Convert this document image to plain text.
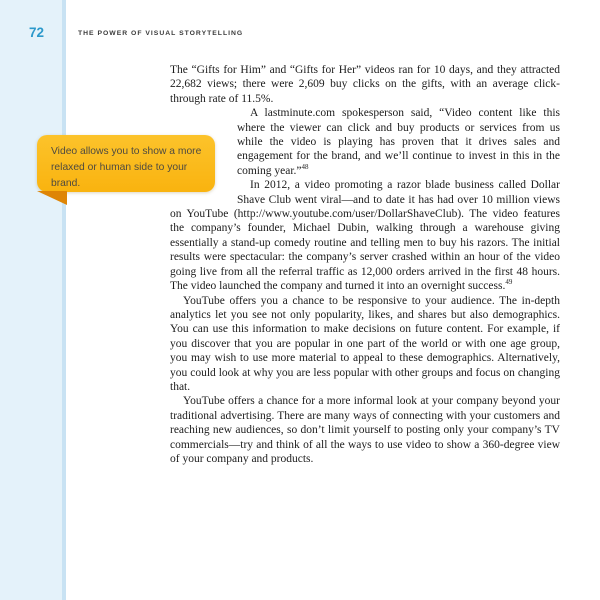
72	THE POWER OF VISUAL STORYTELLING

The “Gifts for Him” and “Gifts for Her” videos ran for 10 days, and they attracted 22,682 views; there were 2,609 buy clicks on the gifts, with an average click-through rate of 11.5%.

A lastminute.com spokesperson said, “Video content like this where the viewer can click and buy products or services from us while the video is playing has proven that it drives sales and engagement for the brand, and we’ll continue to invest in this in the coming year.”$^{48}$

In 2012, a video promoting a razor blade business called Dollar Shave Club went viral—and to date it has had over 10 million views on YouTube (http://www.youtube.com/user/DollarShaveClub). The video features the company’s founder, Michael Dubin, walking through a warehouse giving essentially a stand-up comedy routine and telling men to buy his razors. The initial results were spectacular: the company’s server crashed within an hour of the video going live from all the referral traffic as 12,000 orders arrived in the first 48 hours. The video launched the company and turned it into an overnight success.$^{49}$

YouTube offers you a chance to be responsive to your audience. The in-depth analytics let you see not only popularity, likes, and shares but also demographics. You can use this information to make decisions on future content. For example, if you discover that you are popular in one part of the world or with one age group, you may wish to use more material to appeal to these demographics. Alternatively, you could look at why you are less popular with other groups and focus on changing that.

YouTube offers a chance for a more informal look at your company beyond your traditional advertising. There are many ways of connecting with your customers and reaching new audiences, so don’t limit yourself to posting only your company’s TV commercials—try and think of all the ways to use video to show a 360-degree view of your company and products.

Video allows you to show a more relaxed or human side to your brand.
